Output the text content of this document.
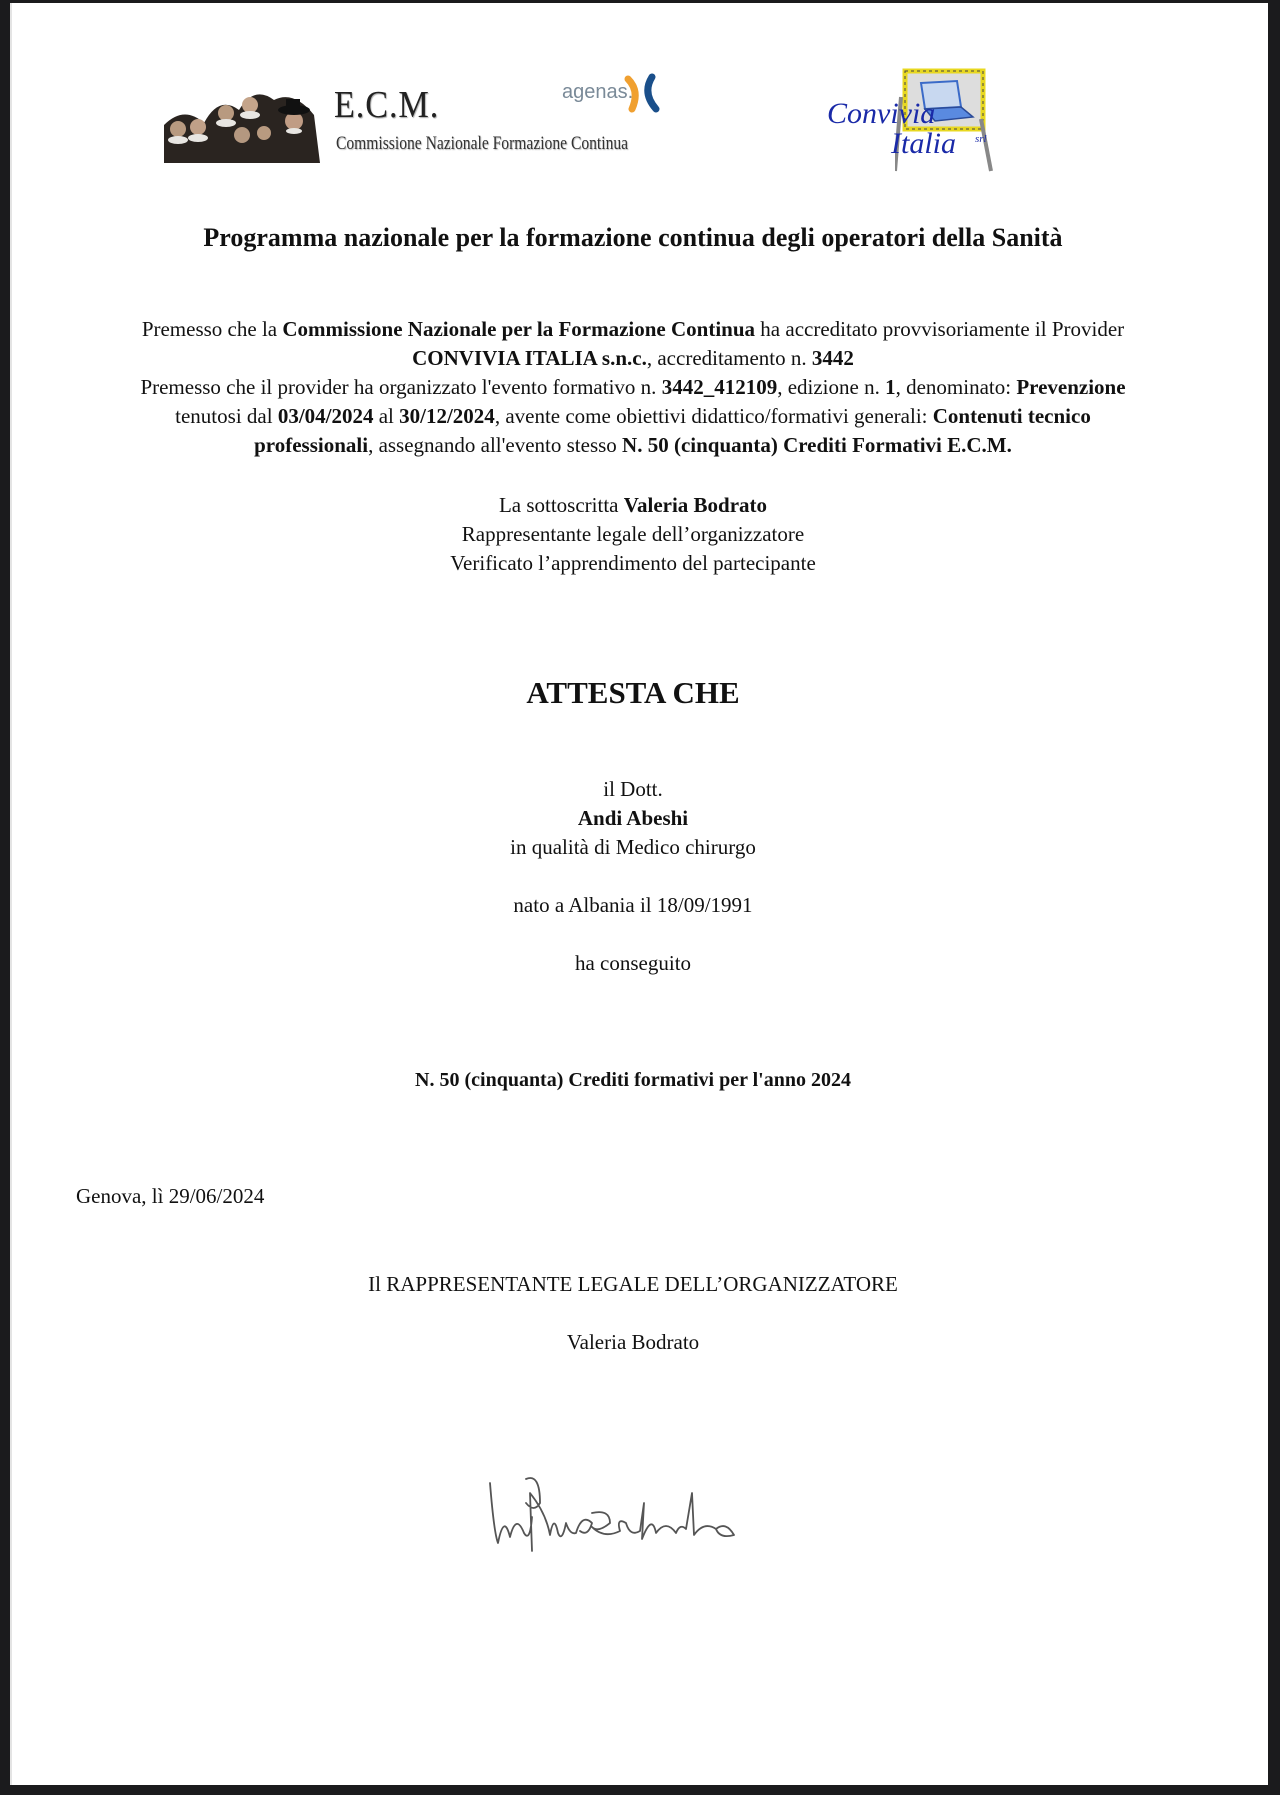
E.C.M.
Commissione Nazionale Formazione Continua
agenas.
Convivia
Italia srl
Programma nazionale per la formazione continua degli operatori della Sanità
Premesso che la Commissione Nazionale per la Formazione Continua ha accreditato provvisoriamente il Provider
CONVIVIA ITALIA s.n.c., accreditamento n. 3442
Premesso che il provider ha organizzato l'evento formativo n. 3442_412109, edizione n. 1, denominato: Prevenzione
tenutosi dal 03/04/2024 al 30/12/2024, avente come obiettivi didattico/formativi generali: Contenuti tecnico
professionali, assegnando all'evento stesso N. 50 (cinquanta) Crediti Formativi E.C.M.
La sottoscritta Valeria Bodrato
Rappresentante legale dell’organizzatore
Verificato l’apprendimento del partecipante
ATTESTA CHE
il Dott.
Andi Abeshi
in qualità di Medico chirurgo
nato a Albania il 18/09/1991
ha conseguito
N. 50 (cinquanta) Crediti formativi per l'anno 2024
Genova, lì 29/06/2024
Il RAPPRESENTANTE LEGALE DELL’ORGANIZZATORE
Valeria Bodrato
